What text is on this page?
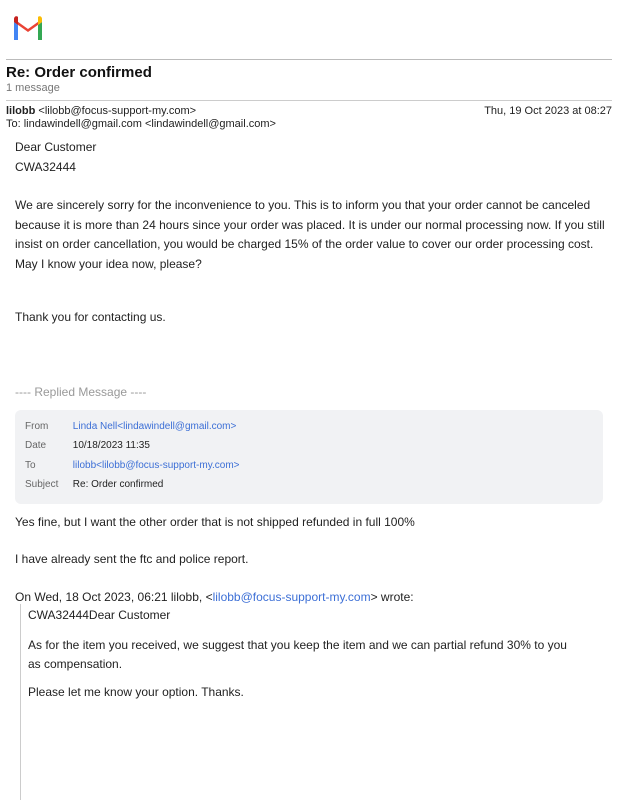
Re: Order confirmed
1 message
lilobb <lilobb@focus-support-my.com>	Thu, 19 Oct 2023 at 08:27
To: lindawindell@gmail.com <lindawindell@gmail.com>
Dear Customer
CWA32444

We are sincerely sorry for the inconvenience to you. This is to inform you that your order cannot be canceled because it is more than 24 hours since your order was placed. It is under our normal processing now. If you still insist on order cancellation, you would be charged 15% of the order value to cover our order processing cost. May I know your idea now, please?

Thank you for contacting us.
---- Replied Message ----
From Linda Nell<lindawindell@gmail.com>
Date	10/18/2023 11:35
To	lilobb<lilobb@focus-support-my.com>
Subject Re: Order confirmed
Yes fine, but I want the other order that is not shipped refunded in full 100%
I have already sent the ftc and police report.
On Wed, 18 Oct 2023, 06:21 lilobb, <lilobb@focus-support-my.com> wrote:
CWA32444Dear Customer

As for the item you received, we suggest that you keep the item and we can partial refund 30% to you as compensation.

Please let me know your option. Thanks.
